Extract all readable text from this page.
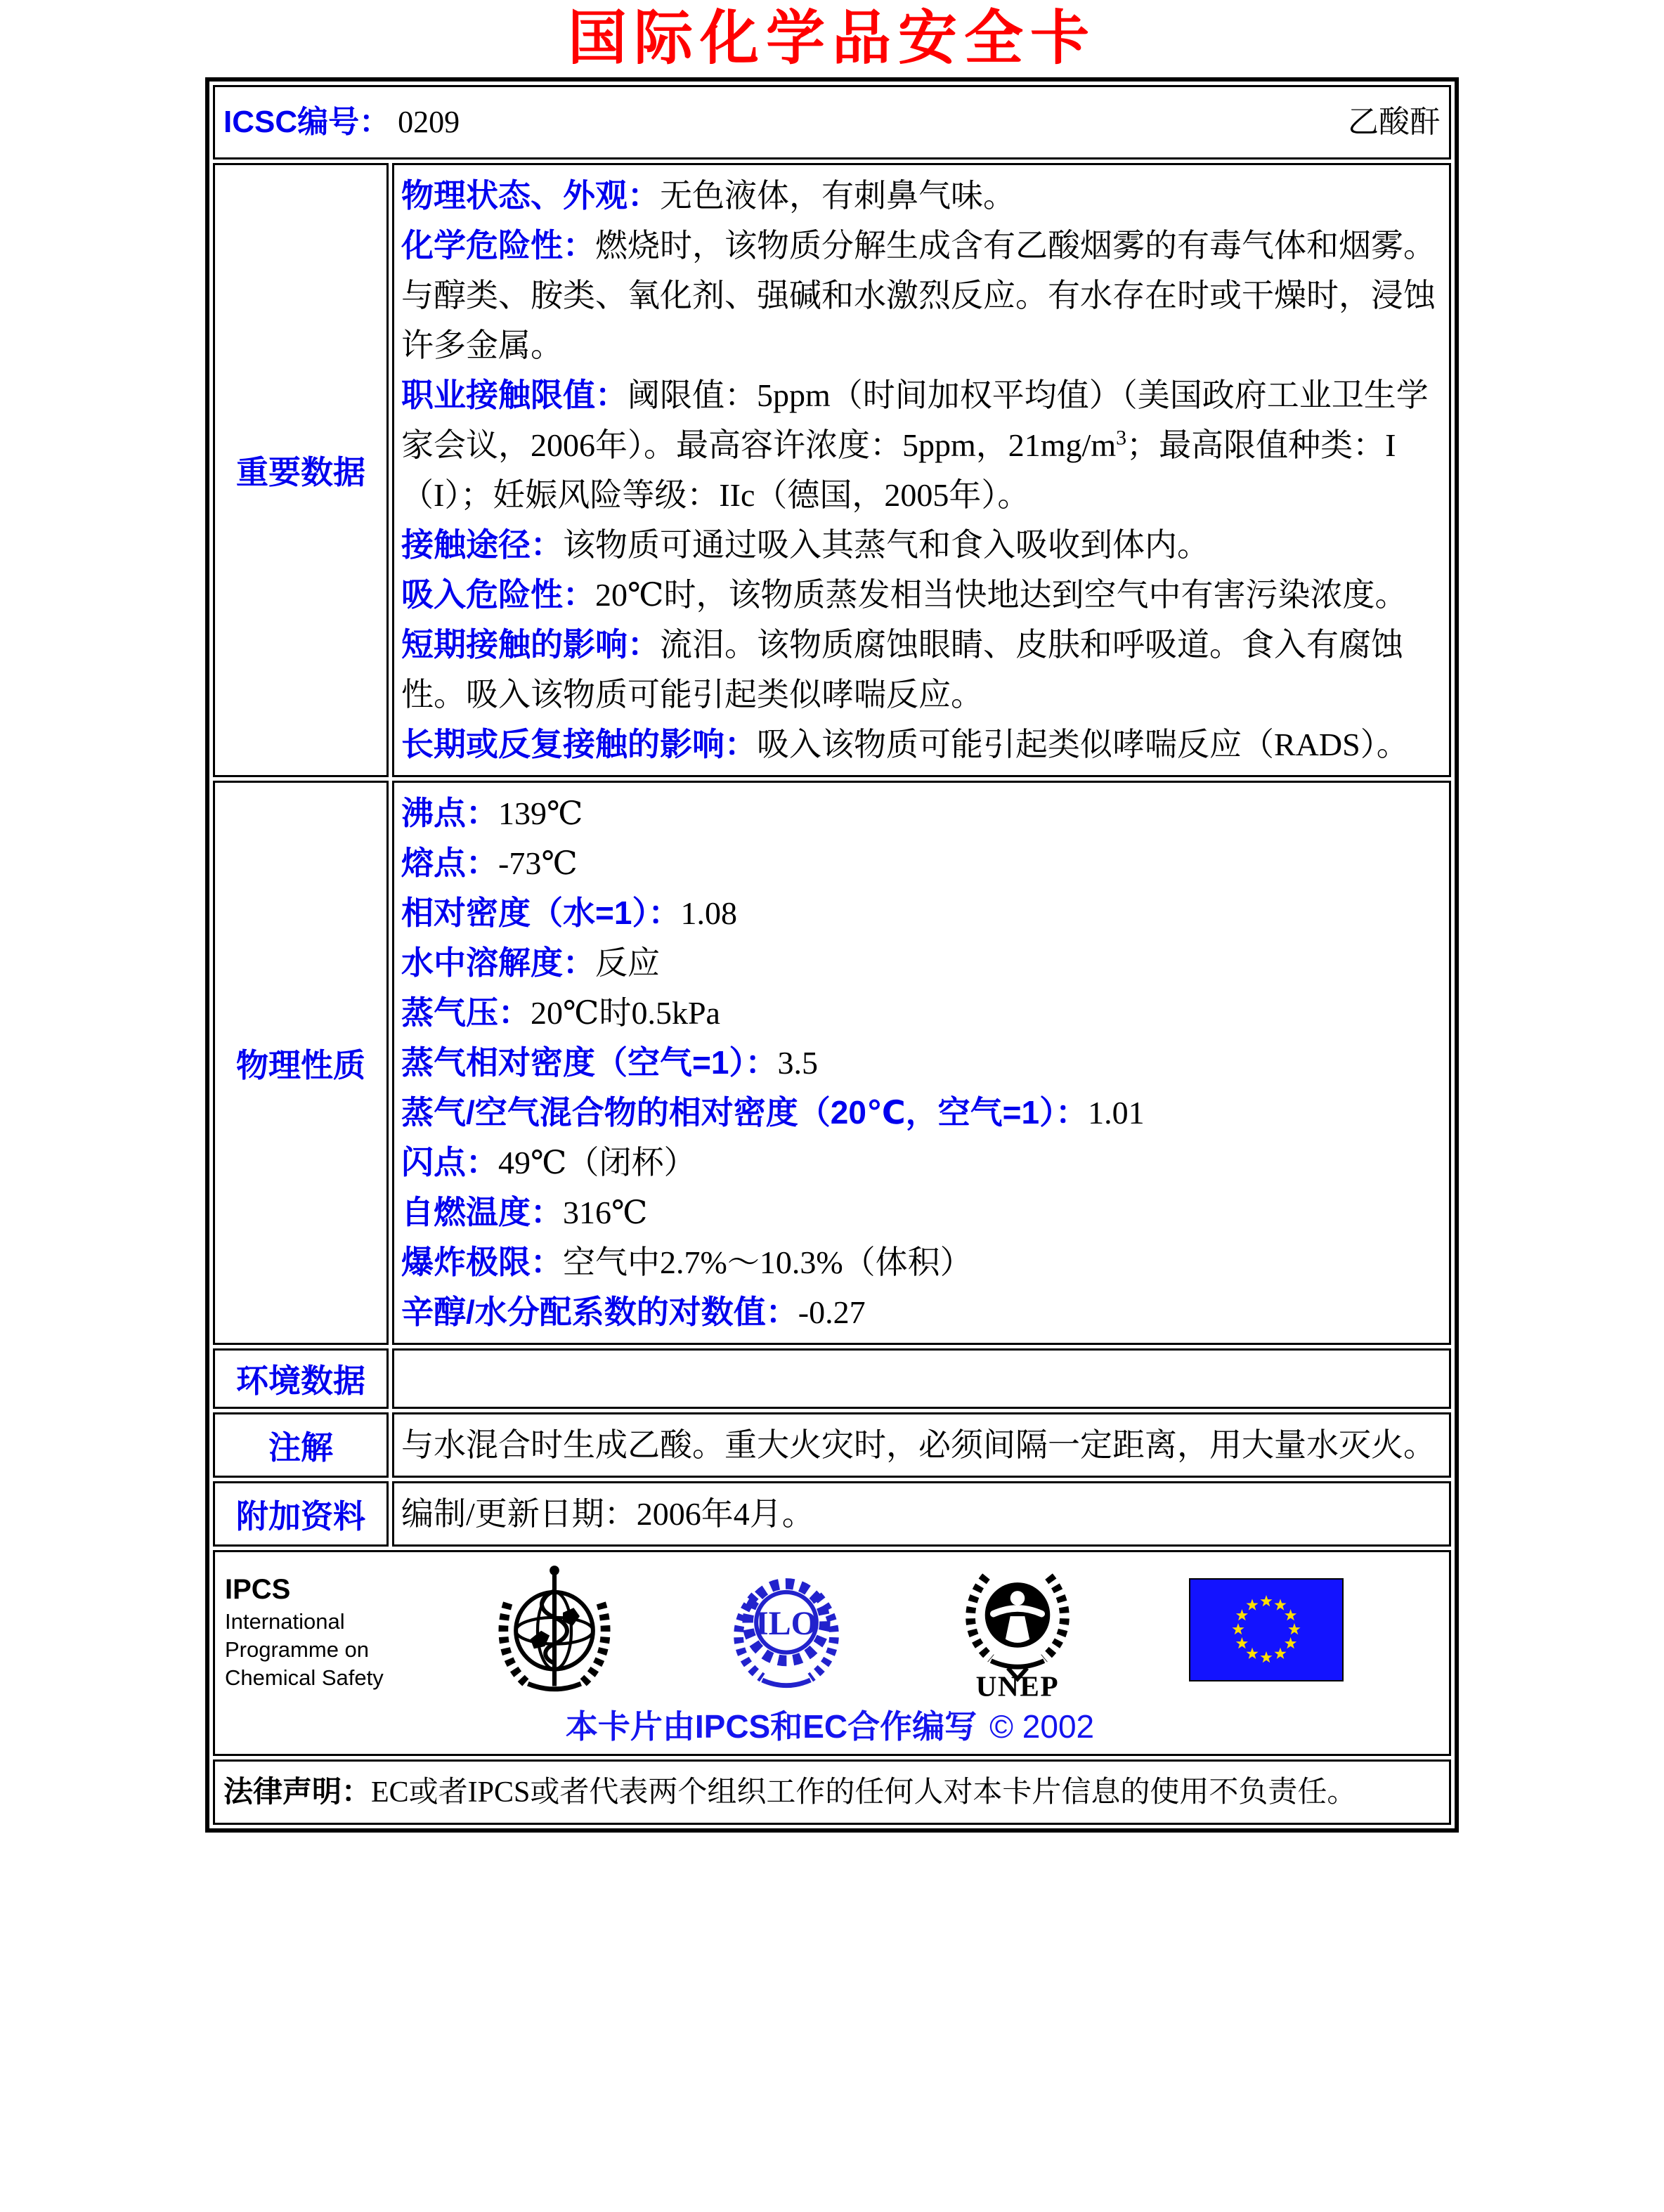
国际化学品安全卡
ICSC编号： 0209 乙酸酐	

重要数据	

物理状态、外观：无色液体，有刺鼻气味。

化学危险性：燃烧时，该物质分解生成含有乙酸烟雾的有毒气体和烟雾。与醇类、胺类、氧化剂、强碱和水激烈反应。有水存在时或干燥时，浸蚀许多金属。

职业接触限值：阈限值：5ppm（时间加权平均值）（美国政府工业卫生学家会议，2006年）。最高容许浓度：5ppm，$21mg/m^3$；最高限值种类：I（I）；妊娠风险等级：IIc（德国，2005年）。

接触途径：该物质可通过吸入其蒸气和食入吸收到体内。

吸入危险性：20℃时，该物质蒸发相当快地达到空气中有害污染浓度。

短期接触的影响：流泪。该物质腐蚀眼睛、皮肤和呼吸道。食入有腐蚀性。吸入该物质可能引起类似哮喘反应。

长期或反复接触的影响：吸入该物质可能引起类似哮喘反应（RADS）。

物理性质	

沸点：139℃

熔点：-73℃

相对密度（水=1）：1.08

水中溶解度：反应

蒸气压：20℃时0.5kPa

蒸气相对密度（空气=1）：3.5

蒸气/空气混合物的相对密度（20℃，空气=1）：1.01

闪点：49℃（闭杯）

自燃温度：316℃

爆炸极限：空气中2.7%～10.3%（体积）

辛醇/水分配系数的对数值：-0.27

环境数据	
注解	与水混合时生成乙酸。重大火灾时，必须间隔一定距离，用大量水灭火。
附加资料	编制/更新日期：2006年4月。

IPCS
International
Programme on
Chemical Safety
ILO
UNEP
本卡片由IPCS和EC合作编写 © 2002

法律声明：EC或者IPCS或者代表两个组织工作的任何人对本卡片信息的使用不负责任。	
